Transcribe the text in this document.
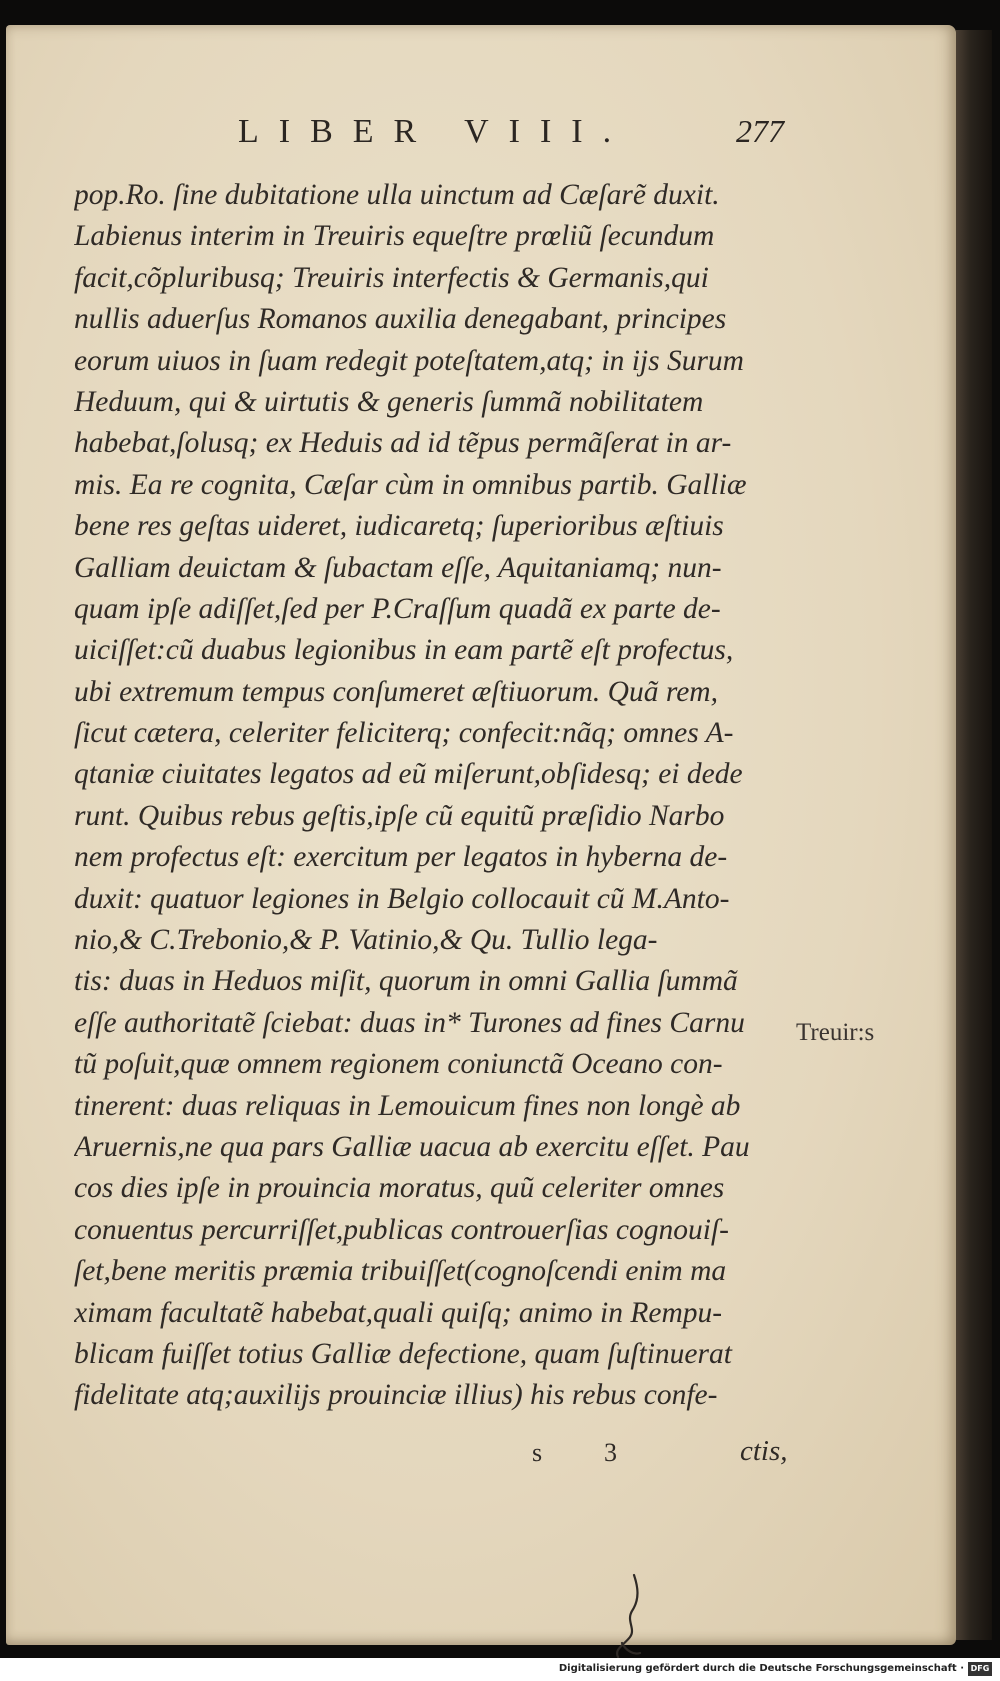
LIBER VIII.	277
pop.Ro. ſine dubitatione ulla uinctum ad Cæſarẽ duxit.
Labienus interim in Treuiris equeſtre prœliũ ſecundum
facit,cõpluribusq; Treuiris interfectis & Germanis,qui
nullis aduerſus Romanos auxilia denegabant, principes
eorum uiuos in ſuam redegit poteſtatem,atq; in ijs Surum
Heduum, qui & uirtutis & generis ſummã nobilitatem
habebat,ſolusq; ex Heduis ad id tẽpus permãſerat in ar-
mis. Ea re cognita, Cæſar cùm in omnibus partib. Galliæ
bene res geſtas uideret, iudicaretq; ſuperioribus æſtiuis
Galliam deuictam & ſubactam eſſe, Aquitaniamq; nun-
quam ipſe adiſſet,ſed per P.Craſſum quadã ex parte de-
uiciſſet:cũ duabus legionibus in eam partẽ eſt profectus,
ubi extremum tempus conſumeret æſtiuorum. Quã rem,
ſicut cætera, celeriter feliciterq; confecit:nãq; omnes A-
qtaniæ ciuitates legatos ad eũ miſerunt,obſidesq; ei dede
runt. Quibus rebus geſtis,ipſe cũ equitũ præſidio Narbo
nem profectus eſt: exercitum per legatos in hyberna de-
duxit: quatuor legiones in Belgio collocauit cũ M.Anto-
nio,& C.Trebonio,& P. Vatinio,& Qu. Tullio lega-
tis: duas in Heduos miſit, quorum in omni Gallia ſummã
eſſe authoritatẽ ſciebat: duas in* Turones ad fines Carnu
tũ poſuit,quæ omnem regionem coniunctã Oceano con-
tinerent: duas reliquas in Lemouicum fines non longè ab
Aruernis,ne qua pars Galliæ uacua ab exercitu eſſet. Pau
cos dies ipſe in prouincia moratus, quũ celeriter omnes
conuentus percurriſſet,publicas controuerſias cognouiſ-
ſet,bene meritis præmia tribuiſſet(cognoſcendi enim ma
ximam facultatẽ habebat,quali quiſq; animo in Rempu-
blicam fuiſſet totius Galliæ defectione, quam ſuſtinuerat
fidelitate atq;auxilijs prouinciæ illius) his rebus confe-
Treuir:s
s 3	ctis,
Digitalisierung gefördert durch die Deutsche Forschungsgemeinschaft · DFG
